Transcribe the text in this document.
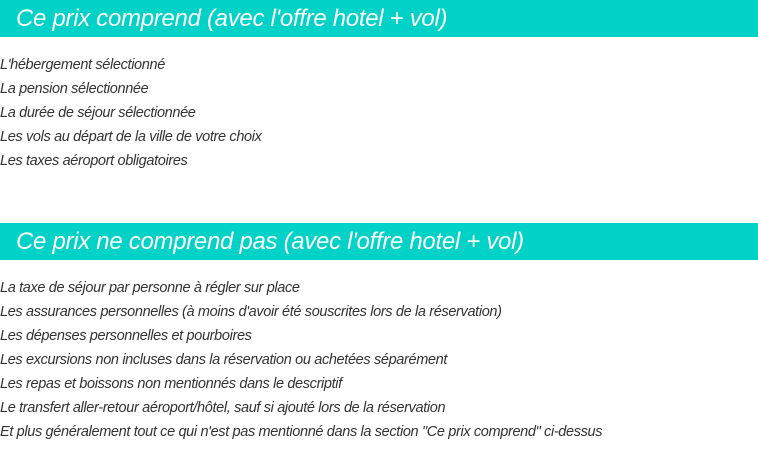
Ce prix comprend (avec l'offre hotel + vol)
L'hébergement sélectionné
La pension sélectionnée
La durée de séjour sélectionnée
Les vols au départ de la ville de votre choix
Les taxes aéroport obligatoires
Ce prix ne comprend pas (avec l'offre hotel + vol)
La taxe de séjour par personne à régler sur place
Les assurances personnelles (à moins d'avoir été souscrites lors de la réservation)
Les dépenses personnelles et pourboires
Les excursions non incluses dans la réservation ou achetées séparément
Les repas et boissons non mentionnés dans le descriptif
Le transfert aller-retour aéroport/hôtel, sauf si ajouté lors de la réservation
Et plus généralement tout ce qui n'est pas mentionné dans la section "Ce prix comprend" ci-dessus
